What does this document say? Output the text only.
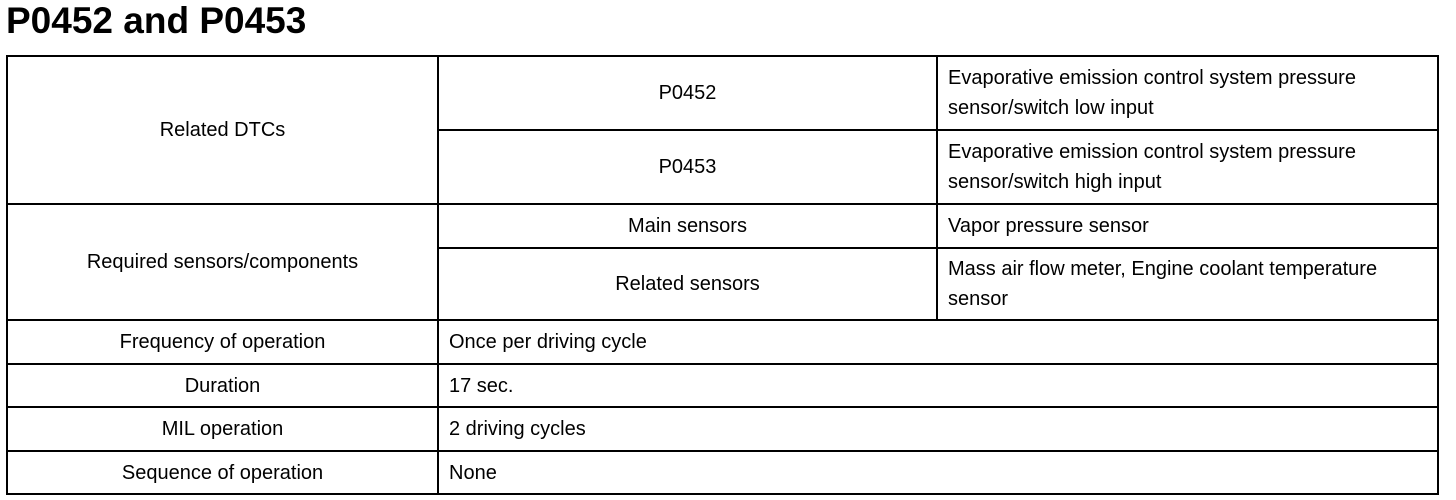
P0452 and P0453
Related DTCs	P0452	Evaporative emission control system pressure sensor/switch low input
	P0453	Evaporative emission control system pressure sensor/switch high input
Required sensors/components	Main sensors	Vapor pressure sensor
	Related sensors	Mass air flow meter, Engine coolant temperature sensor
Frequency of operation	Once per driving cycle	
Duration	17 sec.	
MIL operation	2 driving cycles	
Sequence of operation	None	
